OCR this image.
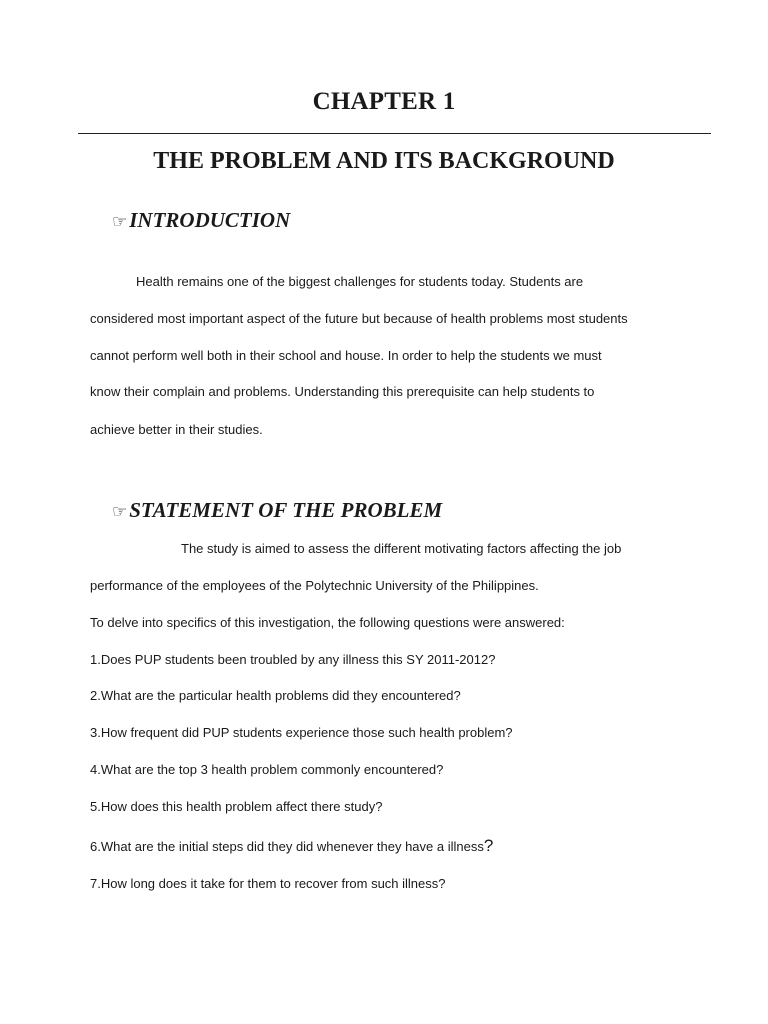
CHAPTER 1
THE PROBLEM AND ITS BACKGROUND
☞ INTRODUCTION
Health remains one of the biggest challenges for students today. Students are
considered most important aspect of the future but because of health problems most students
cannot perform well both in their school and house. In order to help the students we must
know their complain and problems. Understanding this prerequisite can help students to
achieve better in their studies.
☞ STATEMENT OF THE PROBLEM
The study is aimed to assess the different motivating factors affecting the job
performance of the employees of the Polytechnic University of the Philippines.
To delve into specifics of this investigation, the following questions were answered:
1.Does PUP students been troubled by any illness this SY 2011-2012?
2.What are the particular health problems did they encountered?
3.How frequent did PUP students experience those such health problem?
4.What are the top 3 health problem commonly encountered?
5.How does this health problem affect there study?
6.What are the initial steps did they did whenever they have a illness?
7.How long does it take for them to recover from such illness?
